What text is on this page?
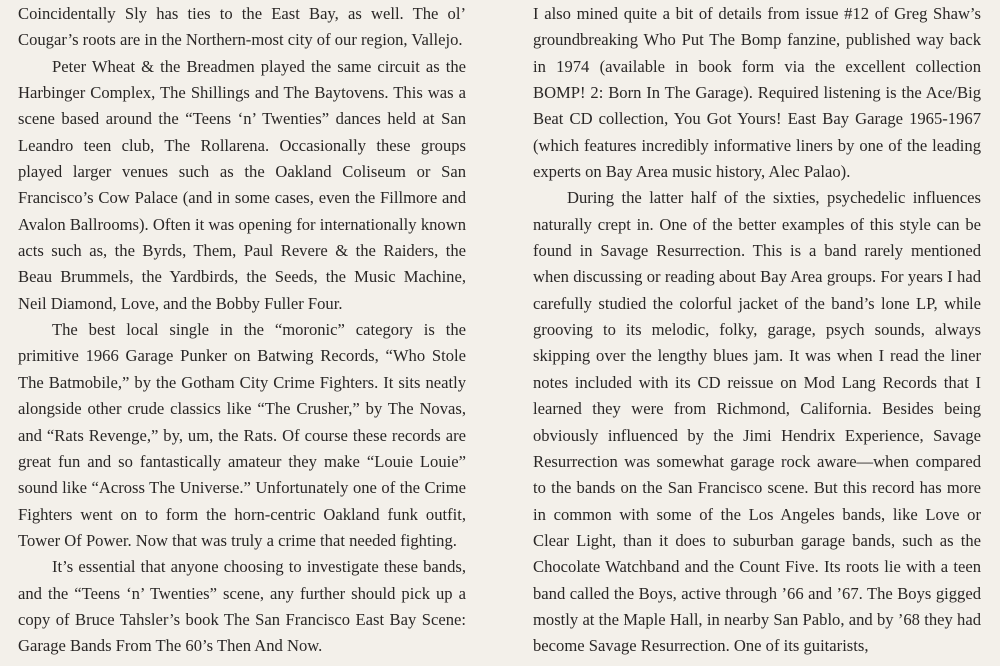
Coincidentally Sly has ties to the East Bay, as well. The ol’ Cougar’s roots are in the Northern-most city of our region, Vallejo.

Peter Wheat & the Breadmen played the same circuit as the Harbinger Complex, The Shillings and The Baytovens. This was a scene based around the “Teens ‘n’ Twenties” dances held at San Leandro teen club, The Rollarena. Occasionally these groups played larger venues such as the Oakland Coliseum or San Francisco’s Cow Palace (and in some cases, even the Fillmore and Avalon Ballrooms). Often it was opening for internationally known acts such as, the Byrds, Them, Paul Revere & the Raiders, the Beau Brummels, the Yardbirds, the Seeds, the Music Machine, Neil Diamond, Love, and the Bobby Fuller Four.

The best local single in the “moronic” category is the primitive 1966 Garage Punker on Batwing Records, “Who Stole The Batmobile,” by the Gotham City Crime Fighters. It sits neatly alongside other crude classics like “The Crusher,” by The Novas, and “Rats Revenge,” by, um, the Rats. Of course these records are great fun and so fantastically amateur they make “Louie Louie” sound like “Across The Universe.” Unfortunately one of the Crime Fighters went on to form the horn-centric Oakland funk outfit, Tower Of Power. Now that was truly a crime that needed fighting.

It’s essential that anyone choosing to investigate these bands, and the “Teens ‘n’ Twenties” scene, any further should pick up a copy of Bruce Tahsler’s book The San Francisco East Bay Scene: Garage Bands From The 60’s Then And Now.

I also mined quite a bit of details from issue #12 of Greg Shaw’s groundbreaking Who Put The Bomp fanzine, published way back in 1974 (available in book form via the excellent collection BOMP! 2: Born In The Garage). Required listening is the Ace/Big Beat CD collection, You Got Yours! East Bay Garage 1965-1967 (which features incredibly informative liners by one of the leading experts on Bay Area music history, Alec Palao).

During the latter half of the sixties, psychedelic influences naturally crept in. One of the better examples of this style can be found in Savage Resurrection. This is a band rarely mentioned when discussing or reading about Bay Area groups. For years I had carefully studied the colorful jacket of the band’s lone LP, while grooving to its melodic, folky, garage, psych sounds, always skipping over the lengthy blues jam. It was when I read the liner notes included with its CD reissue on Mod Lang Records that I learned they were from Richmond, California. Besides being obviously influenced by the Jimi Hendrix Experience, Savage Resurrection was somewhat garage rock aware—when compared to the bands on the San Francisco scene. But this record has more in common with some of the Los Angeles bands, like Love or Clear Light, than it does to suburban garage bands, such as the Chocolate Watchband and the Count Five. Its roots lie with a teen band called the Boys, active through ’66 and ’67. The Boys gigged mostly at the Maple Hall, in nearby San Pablo, and by ’68 they had become Savage Resurrection. One of its guitarists,
